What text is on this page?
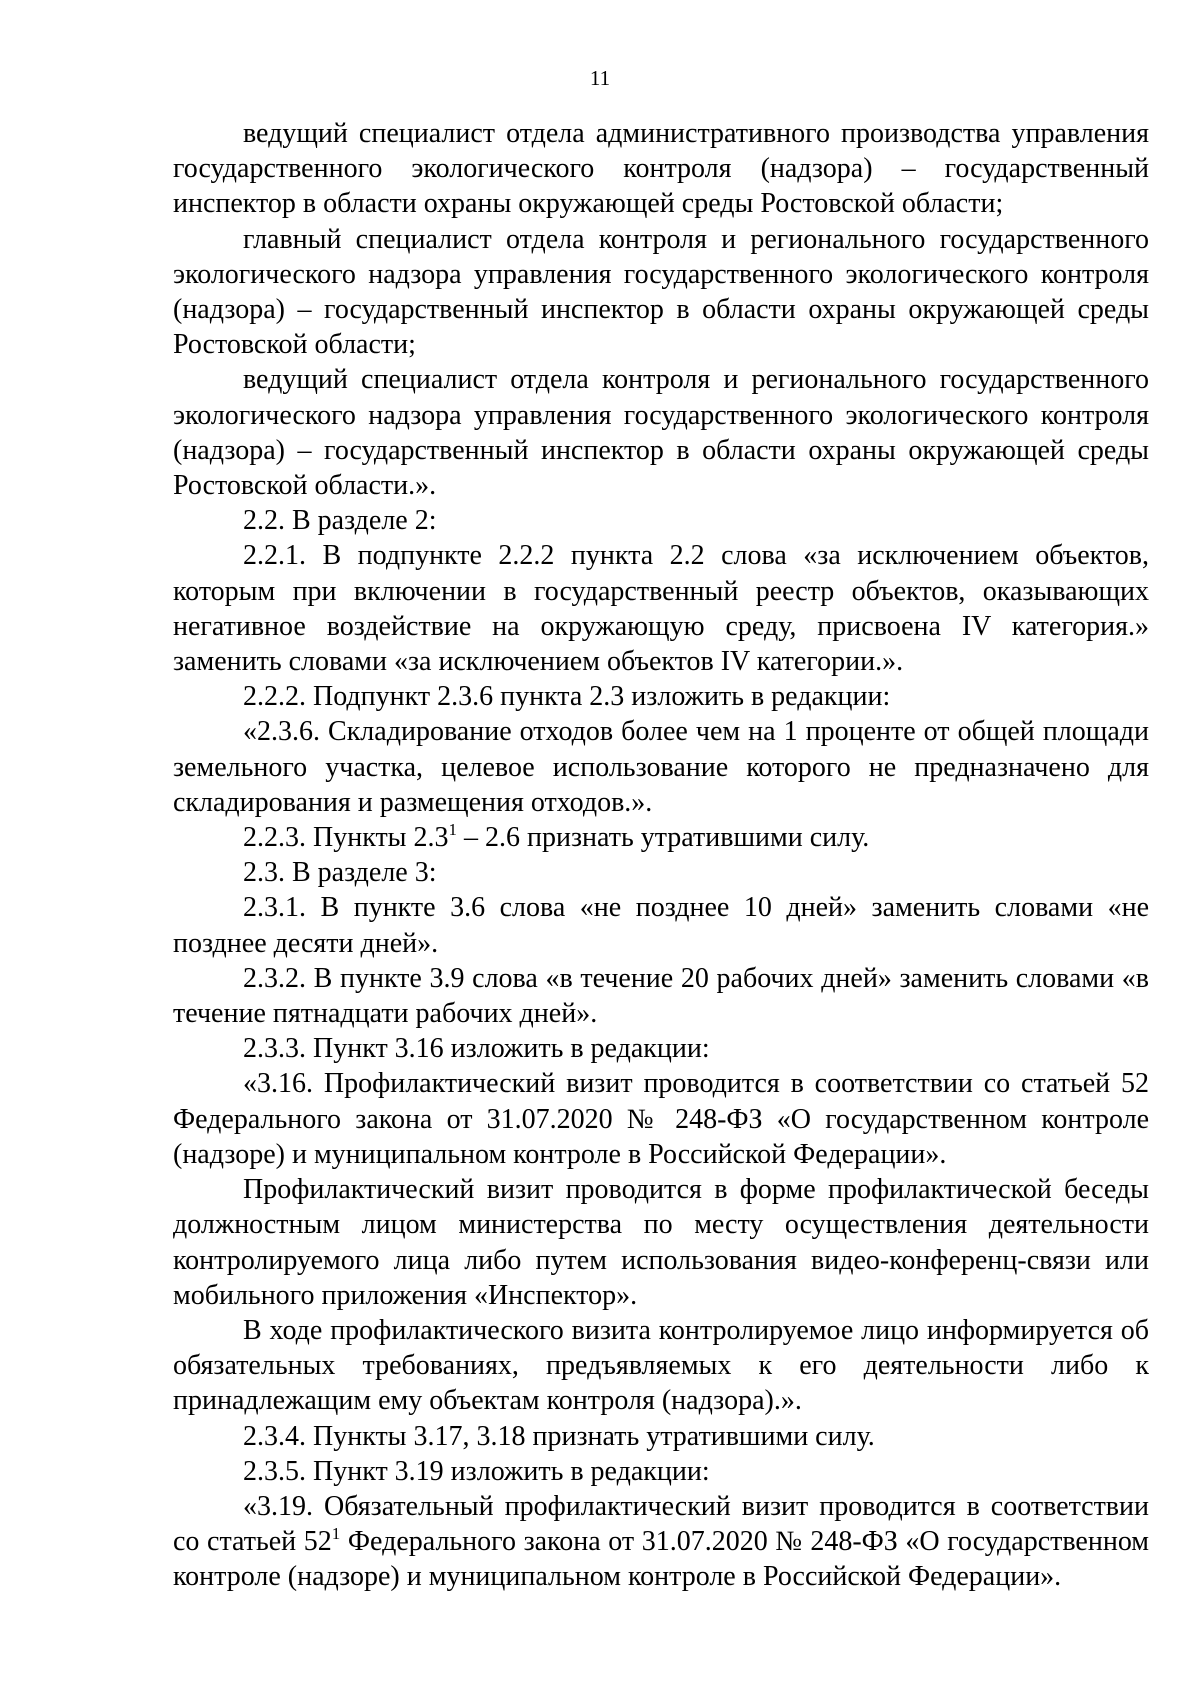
11

ведущий специалист отдела административного производства управления государственного экологического контроля (надзора) – государственный инспектор в области охраны окружающей среды Ростовской области;

главный специалист отдела контроля и регионального государственного экологического надзора управления государственного экологического контроля (надзора) – государственный инспектор в области охраны окружающей среды Ростовской области;

ведущий специалист отдела контроля и регионального государственного экологического надзора управления государственного экологического контроля (надзора) – государственный инспектор в области охраны окружающей среды Ростовской области.».

2.2. В разделе 2:

2.2.1. В подпункте 2.2.2 пункта 2.2 слова «за исключением объектов, которым при включении в государственный реестр объектов, оказывающих негативное воздействие на окружающую среду, присвоена IV категория.» заменить словами «за исключением объектов IV категории.».

2.2.2. Подпункт 2.3.6 пункта 2.3 изложить в редакции:

«2.3.6. Складирование отходов более чем на 1 проценте от общей площади земельного участка, целевое использование которого не предназначено для складирования и размещения отходов.».

2.2.3. Пункты $2.3^1 - 2.6$ признать утратившими силу.

2.3. В разделе 3:

2.3.1. В пункте 3.6 слова «не позднее 10 дней» заменить словами «не позднее десяти дней».

2.3.2. В пункте 3.9 слова «в течение 20 рабочих дней» заменить словами «в течение пятнадцати рабочих дней».

2.3.3. Пункт 3.16 изложить в редакции:

«3.16. Профилактический визит проводится в соответствии со статьей 52 Федерального закона от 31.07.2020 № 248-ФЗ «О государственном контроле (надзоре) и муниципальном контроле в Российской Федерации».

Профилактический визит проводится в форме профилактической беседы должностным лицом министерства по месту осуществления деятельности контролируемого лица либо путем использования видео-конференц-связи или мобильного приложения «Инспектор».

В ходе профилактического визита контролируемое лицо информируется об обязательных требованиях, предъявляемых к его деятельности либо к принадлежащим ему объектам контроля (надзора).».

2.3.4. Пункты 3.17, 3.18 признать утратившими силу.

2.3.5. Пункт 3.19 изложить в редакции:

«3.19. Обязательный профилактический визит проводится в соответствии со статьей $52^1$ Федерального закона от 31.07.2020 № 248-ФЗ «О государственном контроле (надзоре) и муниципальном контроле в Российской Федерации».
